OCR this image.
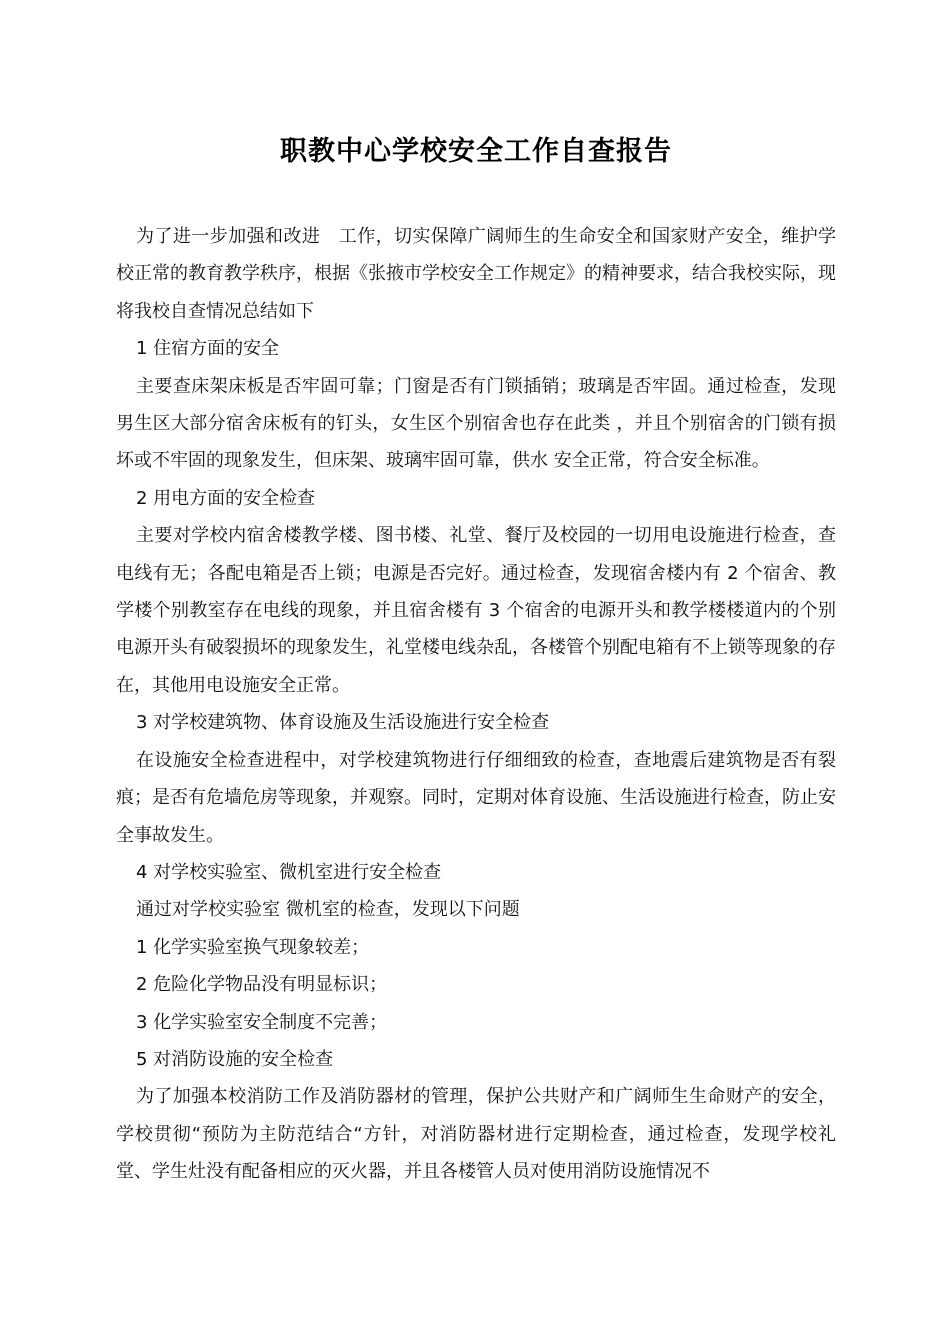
职教中心学校安全工作自查报告

为了进一步加强和改进　工作，切实保障广阔师生的生命安全和国家财产安全，维护学校正常的教育教学秩序，根据《张掖市学校安全工作规定》的精神要求，结合我校实际，现将我校自查情况总结如下

1 住宿方面的安全

主要查床架床板是否牢固可靠；门窗是否有门锁插销；玻璃是否牢固。通过检查，发现男生区大部分宿舍床板有的钉头，女生区个别宿舍也存在此类 ，并且个别宿舍的门锁有损坏或不牢固的现象发生，但床架、玻璃牢固可靠，供水 安全正常，符合安全标准。

2 用电方面的安全检查

主要对学校内宿舍楼教学楼、图书楼、礼堂、餐厅及校园的一切用电设施进行检查，查电线有无；各配电箱是否上锁；电源是否完好。通过检查，发现宿舍楼内有 2 个宿舍、教学楼个别教室存在电线的现象，并且宿舍楼有 3 个宿舍的电源开头和教学楼楼道内的个别电源开头有破裂损坏的现象发生，礼堂楼电线杂乱，各楼管个别配电箱有不上锁等现象的存在，其他用电设施安全正常。

3 对学校建筑物、体育设施及生活设施进行安全检查

在设施安全检查进程中，对学校建筑物进行仔细细致的检查，查地震后建筑物是否有裂痕；是否有危墙危房等现象，并观察。同时，定期对体育设施、生活设施进行检查，防止安全事故发生。

4 对学校实验室、微机室进行安全检查

通过对学校实验室 微机室的检查，发现以下问题

1 化学实验室换气现象较差；

2 危险化学物品没有明显标识；

3 化学实验室安全制度不完善；

5 对消防设施的安全检查

为了加强本校消防工作及消防器材的管理，保护公共财产和广阔师生生命财产的安全，学校贯彻“预防为主防范结合“方针，对消防器材进行定期检查，通过检查，发现学校礼堂、学生灶没有配备相应的灭火器，并且各楼管人员对使用消防设施情况不
